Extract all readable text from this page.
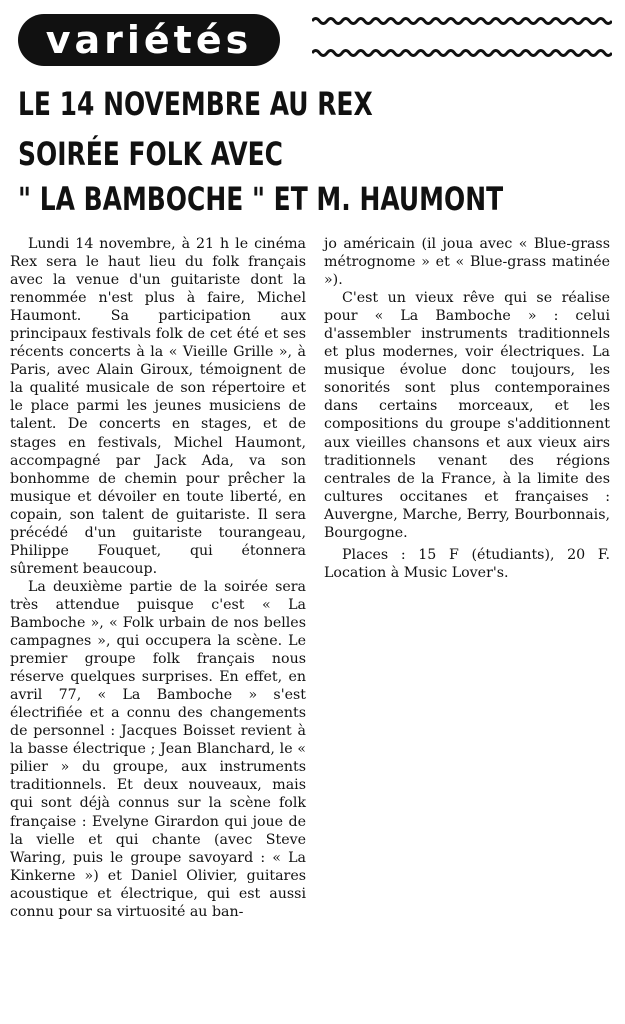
variétés
LE 14 NOVEMBRE AU REX
SOIRÉE FOLK AVEC
" LA BAMBOCHE " ET M. HAUMONT

Lundi 14 novembre, à 21 h le cinéma Rex sera le haut lieu du folk français avec la venue d'un guitariste dont la renommée n'est plus à faire, Michel Haumont. Sa participation aux principaux festivals folk de cet été et ses récents concerts à la « Vieille Grille », à Paris, avec Alain Giroux, témoignent de la qualité musicale de son répertoire et le place parmi les jeunes musiciens de talent. De concerts en stages, et de stages en festivals, Michel Haumont, accompagné par Jack Ada, va son bonhomme de chemin pour prêcher la musique et dévoiler en toute liberté, en copain, son talent de guitariste. Il sera précédé d'un guitariste tourangeau, Philippe Fouquet, qui étonnera sûrement beaucoup.

La deuxième partie de la soirée sera très attendue puisque c'est « La Bamboche », « Folk urbain de nos belles campagnes », qui occupera la scène. Le premier groupe folk français nous réserve quelques surprises. En effet, en avril 77, « La Bamboche » s'est électrifiée et a connu des changements de personnel : Jacques Boisset revient à la basse électrique ; Jean Blanchard, le « pilier » du groupe, aux instruments traditionnels. Et deux nouveaux, mais qui sont déjà connus sur la scène folk française : Evelyne Girardon qui joue de la vielle et qui chante (avec Steve Waring, puis le groupe savoyard : « La Kinkerne ») et Daniel Olivier, guitares acoustique et électrique, qui est aussi connu pour sa virtuosité au ban-

jo américain (il joua avec « Blue-grass métrognome » et « Blue-grass matinée »).

C'est un vieux rêve qui se réalise pour « La Bamboche » : celui d'assembler instruments traditionnels et plus modernes, voir électriques. La musique évolue donc toujours, les sonorités sont plus contemporaines dans certains morceaux, et les compositions du groupe s'additionnent aux vieilles chansons et aux vieux airs traditionnels venant des régions centrales de la France, à la limite des cultures occitanes et françaises : Auvergne, Marche, Berry, Bourbonnais, Bourgogne.

Places : 15 F (étudiants), 20 F. Location à Music Lover's.
